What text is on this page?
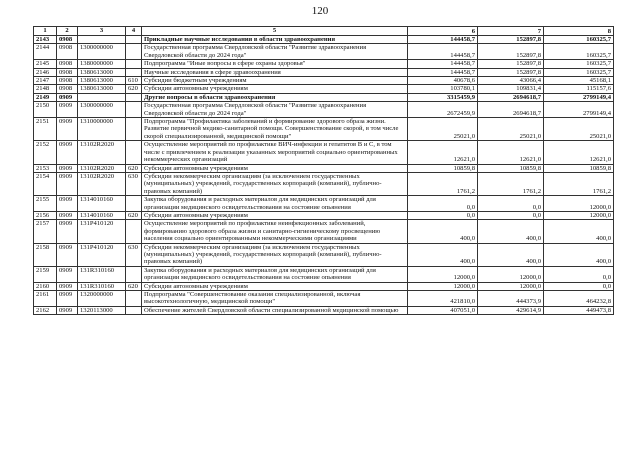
120
1	2	3	4	5	6	7	8
2143	0908			Прикладные научные исследования в области здравоохранения	144458,7	152897,8	160325,7
2144	0908	1300000000		Государственная программа Свердловской области "Развитие здравоохранения Свердловской области до 2024 года"	144458,7	152897,8	160325,7
2145	0908	1380000000		Подпрограмма "Иные вопросы в сфере охраны здоровья"	144458,7	152897,8	160325,7
2146	0908	1380613000		Научные исследования в сфере здравоохранения	144458,7	152897,8	160325,7
2147	0908	1380613000	610	Субсидии бюджетным учреждениям	40678,6	43066,4	45168,1
2148	0908	1380613000	620	Субсидии автономным учреждениям	103780,1	109831,4	115157,6
2149	0909			Другие вопросы в области здравоохранения	3315459,9	2694618,7	2799149,4
2150	0909	1300000000		Государственная программа Свердловской области "Развитие здравоохранения Свердловской области до 2024 года"	2672459,9	2694618,7	2799149,4
2151	0909	1310000000		Подпрограмма "Профилактика заболеваний и формирование здорового образа жизни. Развитие первичной медико-санитарной помощи. Совершенствование скорой, в том числе скорой специализированной, медицинской помощи"	25021,0	25021,0	25021,0
2152	0909	13102R2020		Осуществление мероприятий по профилактике ВИЧ-инфекции и гепатитов В и С, в том числе с привлечением к реализации указанных мероприятий социально ориентированных некоммерческих организаций	12621,0	12621,0	12621,0
2153	0909	13102R2020	620	Субсидии автономным учреждениям	10859,8	10859,8	10859,8
2154	0909	13102R2020	630	Субсидии некоммерческим организациям (за исключением государственных (муниципальных) учреждений, государственных корпораций (компаний), публично-правовых компаний)	1761,2	1761,2	1761,2
2155	0909	1314010160		Закупка оборудования и расходных материалов для медицинских организаций для организации медицинского освидетельствования на состояние опьянения	0,0	0,0	12000,0
2156	0909	1314010160	620	Субсидии автономным учреждениям	0,0	0,0	12000,0
2157	0909	131P410120		Осуществление мероприятий по профилактике неинфекционных заболеваний, формированию здорового образа жизни и санитарно-гигиеническому просвещению населения социально ориентированными некоммерческими организациями	400,0	400,0	400,0
2158	0909	131P410120	630	Субсидии некоммерческим организациям (за исключением государственных (муниципальных) учреждений, государственных корпораций (компаний), публично-правовых компаний)	400,0	400,0	400,0
2159	0909	131R310160		Закупка оборудования и расходных материалов для медицинских организаций для организации медицинского освидетельствования на состояние опьянения	12000,0	12000,0	0,0
2160	0909	131R310160	620	Субсидии автономным учреждениям	12000,0	12000,0	0,0
2161	0909	1320000000		Подпрограмма "Совершенствование оказания специализированной, включая высокотехнологичную, медицинской помощи"	421810,0	444373,9	464232,8
2162	0909	1320113000		Обеспечение жителей Свердловской области специализированной медицинской помощью	407051,0	429614,9	449473,8
